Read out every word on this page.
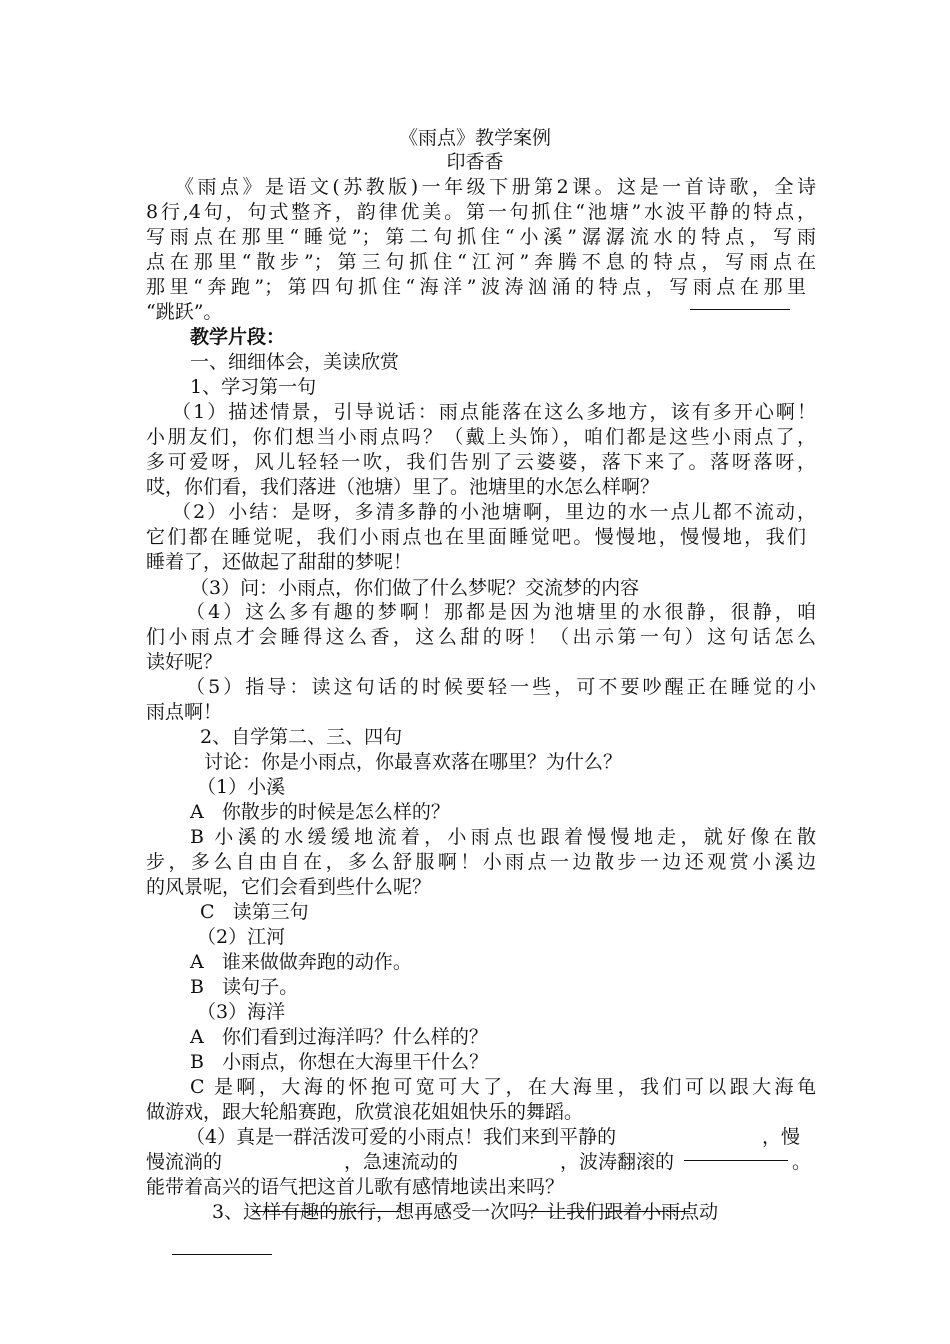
《雨点》教学案例
印香香
《雨点》是语文(苏教版)一年级下册第2课。这是一首诗歌，全诗
8行,4句，句式整齐，韵律优美。第一句抓住“池塘”水波平静的特点，
写雨点在那里“睡觉”；第二句抓住“小溪”潺潺流水的特点，写雨
点在那里“散步”；第三句抓住“江河”奔腾不息的特点，写雨点在
那里“奔跑”；第四句抓住“海洋”波涛汹涌的特点，写雨点在那里
“跳跃”。
教学片段：
一、细细体会，美读欣赏
1、学习第一句
（1）描述情景，引导说话：雨点能落在这么多地方，该有多开心啊！
小朋友们，你们想当小雨点吗？（戴上头饰），咱们都是这些小雨点了，
多可爱呀，风儿轻轻一吹，我们告别了云婆婆，落下来了。落呀落呀，
哎，你们看，我们落进（池塘）里了。池塘里的水怎么样啊？
（2）小结：是呀，多清多静的小池塘啊，里边的水一点儿都不流动，
它们都在睡觉呢，我们小雨点也在里面睡觉吧。慢慢地，慢慢地，我们
睡着了，还做起了甜甜的梦呢！
（3）问：小雨点，你们做了什么梦呢？交流梦的内容
（4）这么多有趣的梦啊！那都是因为池塘里的水很静，很静，咱
们小雨点才会睡得这么香，这么甜的呀！（出示第一句）这句话怎么
读好呢？
（5）指导：读这句话的时候要轻一些，可不要吵醒正在睡觉的小
雨点啊！
2、自学第二、三、四句
讨论：你是小雨点，你最喜欢落在哪里？为什么？
（1）小溪
A   你散步的时候是怎么样的？
B 小溪的水缓缓地流着，小雨点也跟着慢慢地走，就好像在散
步，多么自由自在，多么舒服啊！小雨点一边散步一边还观赏小溪边
的风景呢，它们会看到些什么呢？
C   读第三句
（2）江河
A   谁来做做奔跑的动作。
B   读句子。
（3）海洋
A   你们看到过海洋吗？什么样的？
B   小雨点，你想在大海里干什么？
C 是啊，大海的怀抱可宽可大了，在大海里，我们可以跟大海龟
做游戏，跟大轮船赛跑，欣赏浪花姐姐快乐的舞蹈。
（4）真是一群活泼可爱的小雨点！我们来到平静的	，慢
慢流淌的	，急速流动的	，波涛翻滚的	。
能带着高兴的语气把这首儿歌有感情地读出来吗？
3、这样有趣的旅行，想再感受一次吗？让我们跟着小雨点动
